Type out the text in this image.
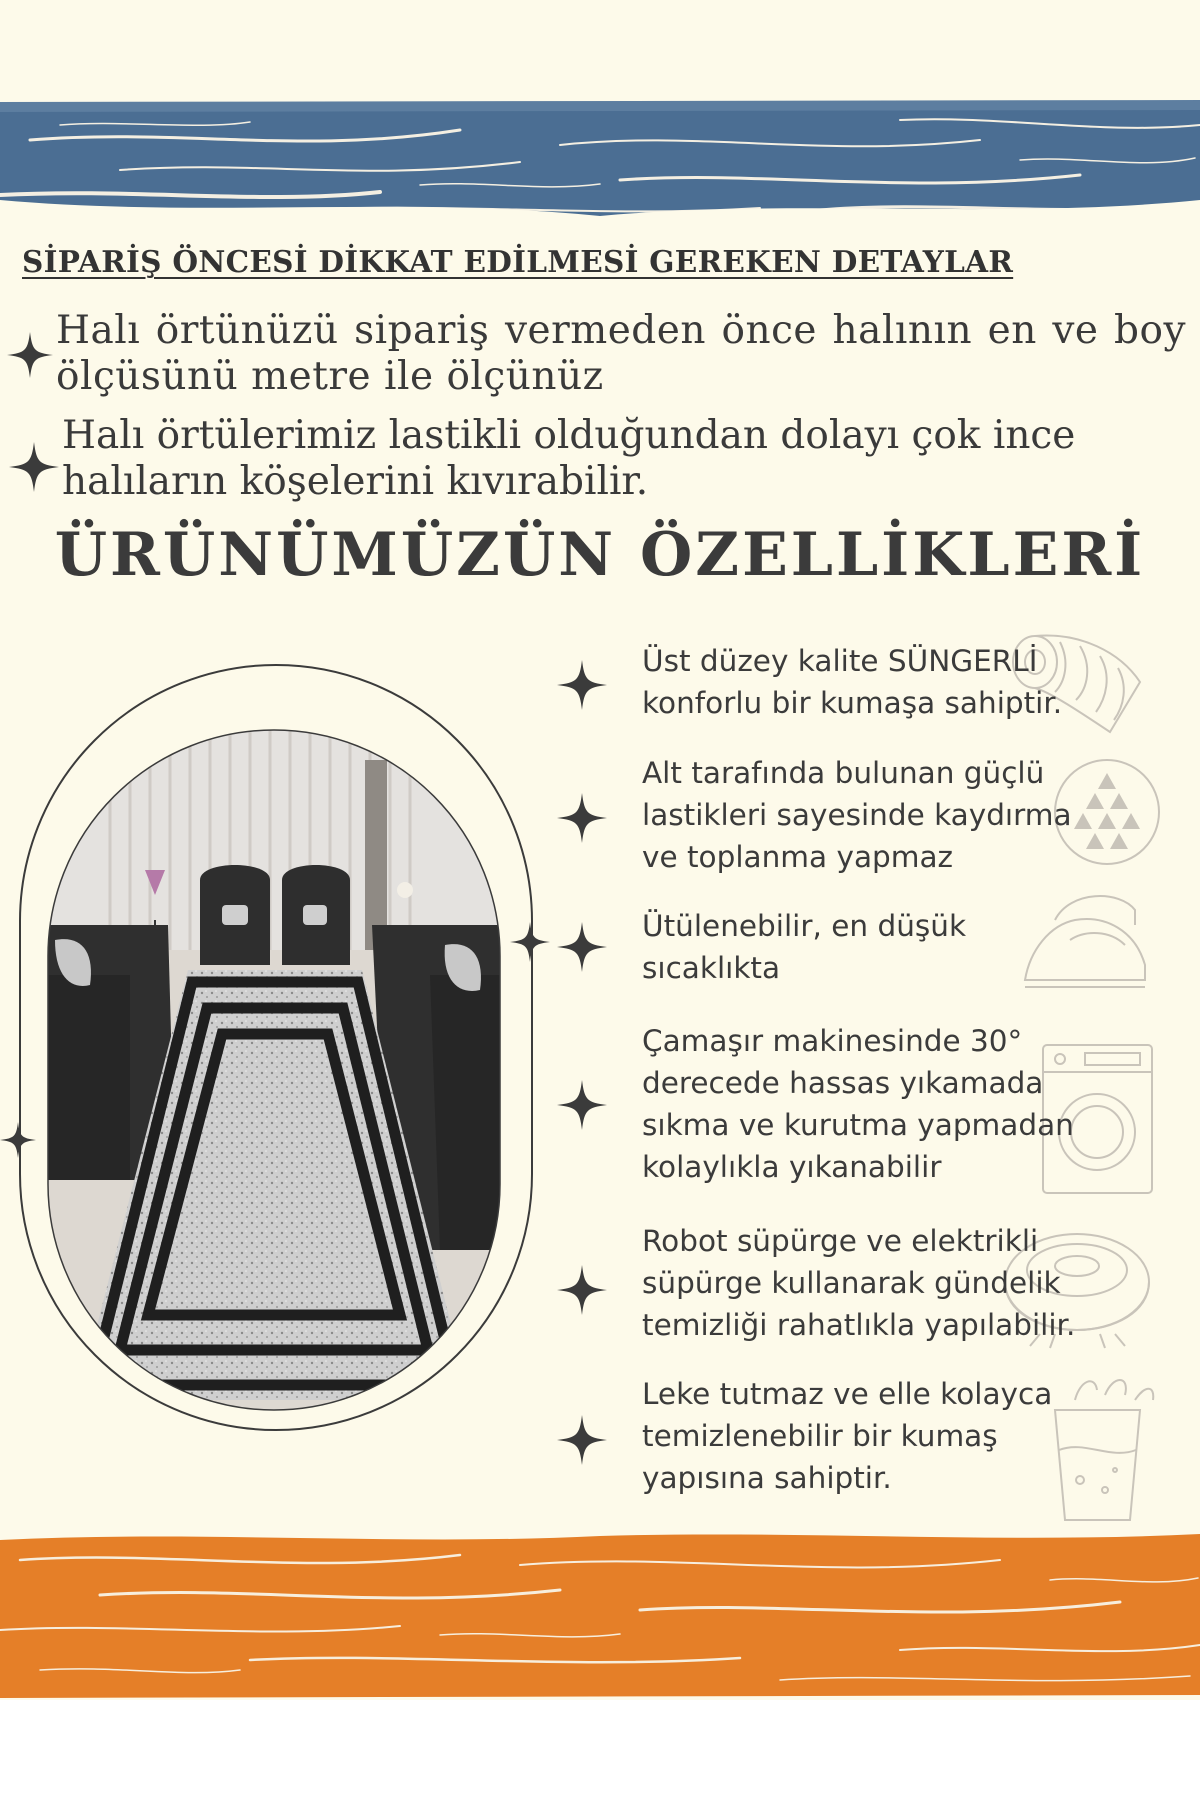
SİPARİŞ ÖNCESİ DİKKAT EDİLMESİ GEREKEN DETAYLAR

Halı örtünüzü sipariş vermeden önce halının en ve boy ölçüsünü metre ile ölçünüz

Halı örtülerimiz lastikli olduğundan dolayı çok ince halıların köşelerini kıvırabilir.

ÜRÜNÜMÜZÜN ÖZELLİKLERİ

Üst düzey kalite SÜNGERLİ konforlu bir kumaşa sahiptir.

Alt tarafında bulunan güçlü lastikleri sayesinde kaydırma ve toplanma yapmaz

Ütülenebilir, en düşük sıcaklıkta

Çamaşır makinesinde 30° derecede hassas yıkamada sıkma ve kurutma yapmadan kolaylıkla yıkanabilir

Robot süpürge ve elektrikli süpürge kullanarak gündelik temizliği rahatlıkla yapılabilir.

Leke tutmaz ve elle kolayca temizlenebilir bir kumaş yapısına sahiptir.
